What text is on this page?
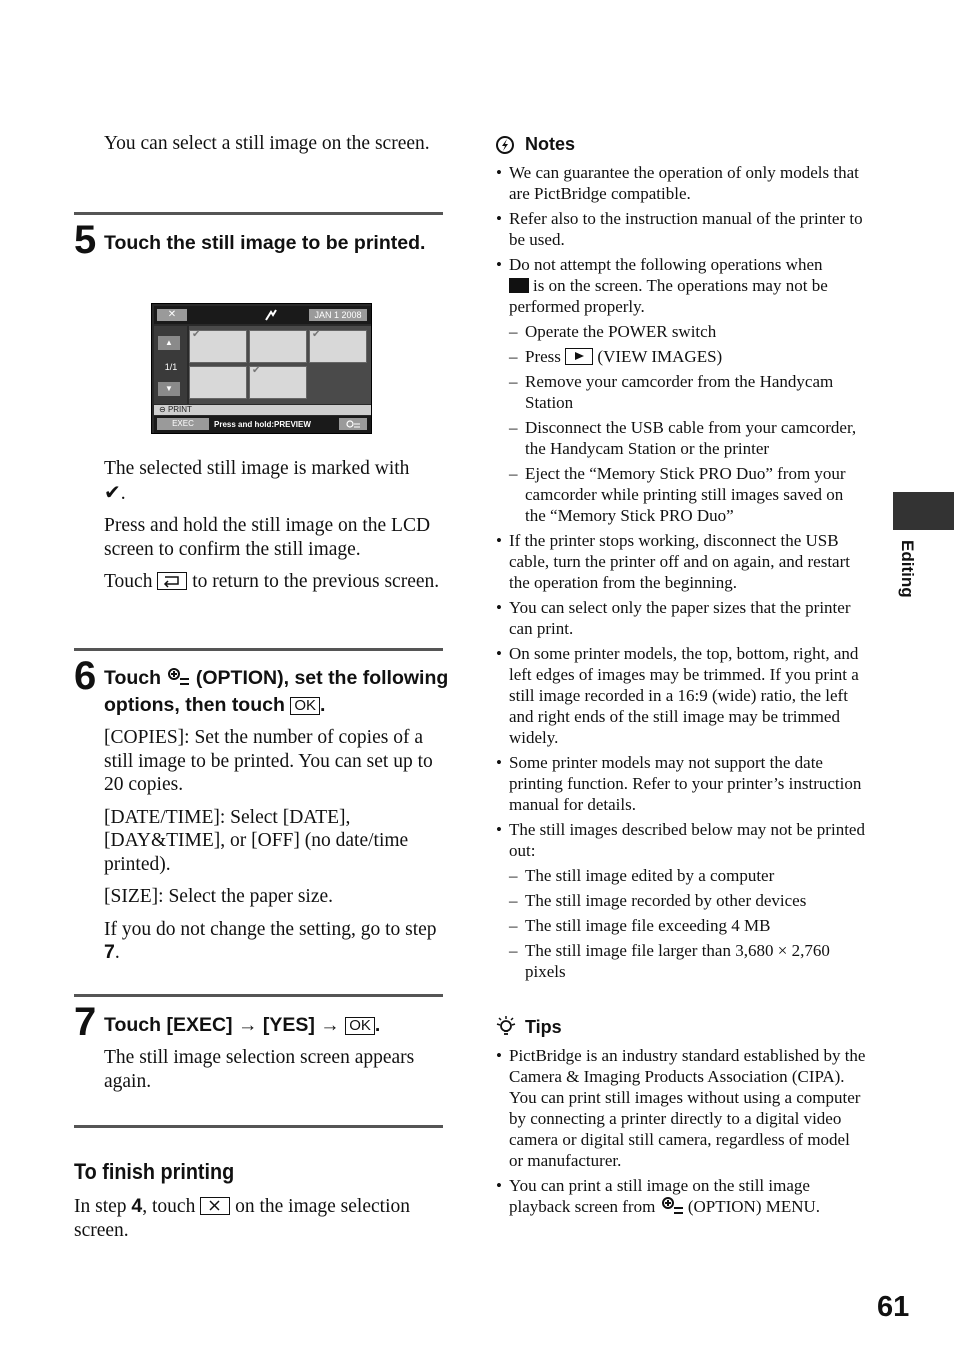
You can select a still image on the screen.
5 Touch the still image to be printed.
✕	JAN 1 2008
▲
1/1
▼
✔	✔
✔
⊖ PRINT
EXEC	Press and hold:PREVIEW

The selected still image is marked with
✔.

Press and hold the still image on the LCD screen to confirm the still image.

Touch to return to the previous screen.

6 Touch (OPTION), set the following options, then touch OK .

[COPIES]: Set the number of copies of a still image to be printed. You can set up to 20 copies.

[DATE/TIME]: Select [DATE], [DAY&TIME], or [OFF] (no date/time printed).

[SIZE]: Select the paper size.

If you do not change the setting, go to step 7.

7 Touch [EXEC] → [YES] → OK .
The still image selection screen appears again.
To finish printing
In step 4, touch on the image selection screen.
Notes
• We can guarantee the operation of only models that are PictBridge compatible.
• Refer also to the instruction manual of the printer to be used.
• Do not attempt the following operations when
is on the screen. The operations may not be performed properly.
– Operate the POWER switch
– Press (VIEW IMAGES)
– Remove your camcorder from the Handycam Station
– Disconnect the USB cable from your camcorder, the Handycam Station or the printer
– Eject the “Memory Stick PRO Duo” from your camcorder while printing still images saved on the “Memory Stick PRO Duo”
• If the printer stops working, disconnect the USB cable, turn the printer off and on again, and restart the operation from the beginning.
• You can select only the paper sizes that the printer can print.
• On some printer models, the top, bottom, right, and left edges of images may be trimmed. If you print a still image recorded in a 16:9 (wide) ratio, the left and right ends of the still image may be trimmed widely.
• Some printer models may not support the date printing function. Refer to your printer’s instruction manual for details.
• The still images described below may not be printed out:
– The still image edited by a computer
– The still image recorded by other devices
– The still image file exceeding 4 MB
– The still image file larger than 3,680 × 2,760 pixels
Tips
• PictBridge is an industry standard established by the Camera & Imaging Products Association (CIPA). You can print still images without using a computer by connecting a printer directly to a digital video camera or digital still camera, regardless of model or manufacturer.
• You can print a still image on the still image playback screen from (OPTION) MENU.
Editing
61
